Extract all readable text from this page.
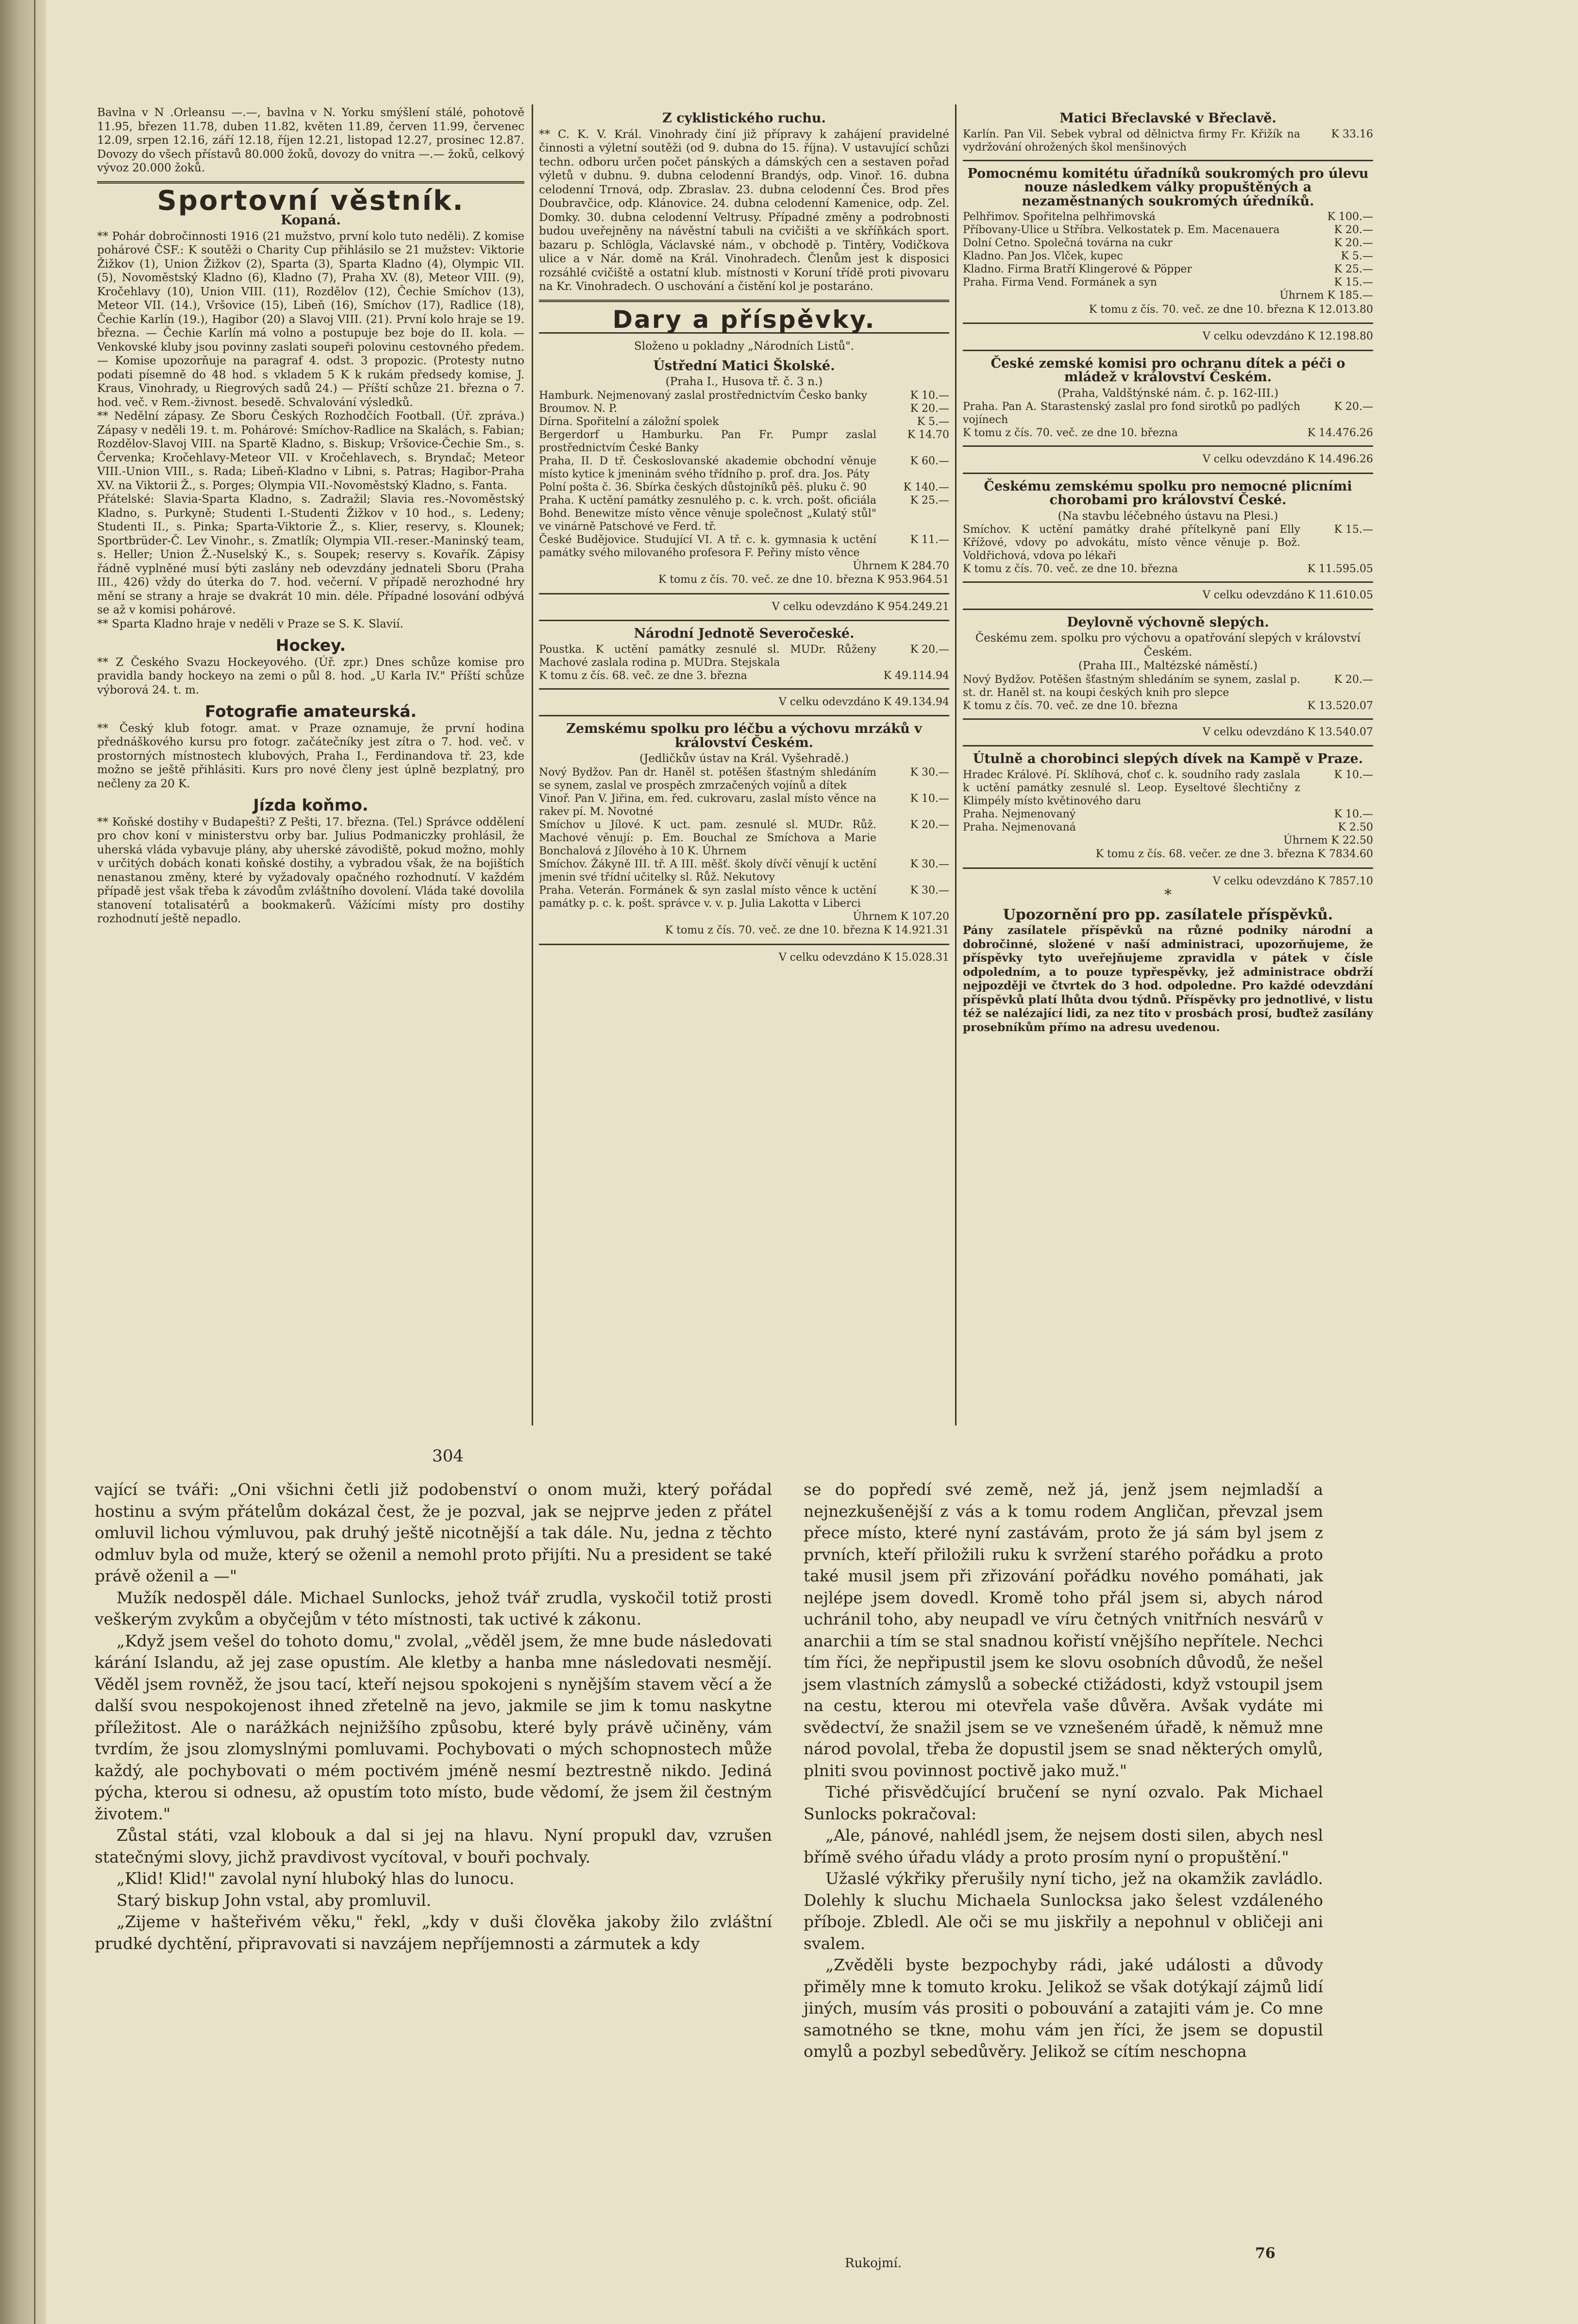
Bavlna v N .Orleansu —.—, bavlna v N. Yorku smýšlení stálé, pohotově 11.95, březen 11.78, duben 11.82, květen 11.89, červen 11.99, červenec 12.09, srpen 12.16, září 12.18, říjen 12.21, listopad 12.27, prosinec 12.87. Dovozy do všech přístavů 80.000 žoků, dovozy do vnitra —.— žoků, celkový vývoz 20.000 žoků.

Sportovní věstník.
Kopaná.

** Pohár dobročinnosti 1916 (21 mužstvo, první kolo tuto neděli). Z komise pohárové ČSF.: K soutěži o Charity Cup přihlásilo se 21 mužstev: Viktorie Žižkov (1), Union Žižkov (2), Sparta (3), Sparta Kladno (4), Olympic VII. (5), Novoměstský Kladno (6), Kladno (7), Praha XV. (8), Meteor VIII. (9), Kročehlavy (10), Union VIII. (11), Rozdělov (12), Čechie Smíchov (13), Meteor VII. (14.), Vršovice (15), Libeň (16), Smíchov (17), Radlice (18), Čechie Karlín (19.), Hagibor (20) a Slavoj VIII. (21). První kolo hraje se 19. března. — Čechie Karlín má volno a postupuje bez boje do II. kola. — Venkovské kluby jsou povinny zaslati soupeři polovinu cestovného předem. — Komise upozorňuje na paragraf 4. odst. 3 propozic. (Protesty nutno podati písemně do 48 hod. s vkladem 5 K k rukám předsedy komise, J. Kraus, Vinohrady, u Riegrových sadů 24.) — Příští schůze 21. března o 7. hod. več. v Rem.-živnost. besedě. Schvalování výsledků.

** Nedělní zápasy. Ze Sboru Českých Rozhodčích Football. (Úř. zpráva.) Zápasy v neděli 19. t. m. Pohárové: Smíchov-Radlice na Skalách, s. Fabian; Rozdělov-Slavoj VIII. na Spartě Kladno, s. Biskup; Vršovice-Čechie Sm., s. Červenka; Kročehlavy-Meteor VII. v Kročehlavech, s. Bryndač; Meteor VIII.-Union VIII., s. Rada; Libeň-Kladno v Libni, s. Patras; Hagibor-Praha XV. na Viktorii Ž., s. Porges; Olympia VII.-Novoměstský Kladno, s. Fanta.

Přátelské: Slavia-Sparta Kladno, s. Zadražil; Slavia res.-Novoměstský Kladno, s. Purkyně; Studenti I.-Studenti Žižkov v 10 hod., s. Ledeny; Studenti II., s. Pinka; Sparta-Viktorie Ž., s. Klier, reservy, s. Klounek; Sportbrüder-Č. Lev Vinohr., s. Zmatlík; Olympia VII.-reser.-Maninský team, s. Heller; Union Ž.-Nuselský K., s. Soupek; reservy s. Kovařík. Zápisy řádně vyplněné musí býti zaslány neb odevzdány jednateli Sboru (Praha III., 426) vždy do úterka do 7. hod. večerní. V případě nerozhodné hry mění se strany a hraje se dvakrát 10 min. déle. Případné losování odbývá se až v komisi pohárové.

** Sparta Kladno hraje v neděli v Praze se S. K. Slavií.

Hockey.

** Z Českého Svazu Hockeyového. (Úř. zpr.) Dnes schůze komise pro pravidla bandy hockeyo na zemi o půl 8. hod. „U Karla IV." Příští schůze výborová 24. t. m.

Fotografie amateurská.

** Český klub fotogr. amat. v Praze oznamuje, že první hodina přednáškového kursu pro fotogr. začátečníky jest zítra o 7. hod. več. v prostorných místnostech klubových, Praha I., Ferdinandova tř. 23, kde možno se ještě přihlásiti. Kurs pro nové členy jest úplně bezplatný, pro nečleny za 20 K.

Jízda koňmo.

** Koňské dostihy v Budapešti? Z Pešti, 17. března. (Tel.) Správce oddělení pro chov koní v ministerstvu orby bar. Julius Podmaniczky prohlásil, že uherská vláda vybavuje plány, aby uherské závodiště, pokud možno, mohly v určitých dobách konati koňské dostihy, a vybradou však, že na bojištích nenastanou změny, které by vyžadovaly opačného rozhodnutí. V každém případě jest však třeba k závodům zvláštního dovolení. Vláda také dovolila stanovení totalisatérů a bookmakerů. Vážícími místy pro dostihy rozhodnutí ještě nepadlo.

Z cyklistického ruchu.

** C. K. V. Král. Vinohrady činí již přípravy k zahájení pravidelné činnosti a výletní soutěži (od 9. dubna do 15. října). V ustavující schůzi techn. odboru určen počet pánských a dámských cen a sestaven pořad výletů v dubnu. 9. dubna celodenní Brandýs, odp. Vinoř. 16. dubna celodenní Trnová, odp. Zbraslav. 23. dubna celodenní Čes. Brod přes Doubravčice, odp. Klánovice. 24. dubna celodenní Kamenice, odp. Zel. Domky. 30. dubna celodenní Veltrusy. Případné změny a podrobnosti budou uveřejněny na návěstní tabuli na cvičišti a ve skříňkách sport. bazaru p. Schlögla, Václavské nám., v obchodě p. Tintěry, Vodičkova ulice a v Nár. domě na Král. Vinohradech. Členům jest k disposici rozsáhlé cvičiště a ostatní klub. místnosti v Koruní třídě proti pivovaru na Kr. Vinohradech. O uschování a čistění kol je postaráno.

Dary a příspěvky.

Složeno u pokladny „Národních Listů".

Ústřední Matici Školské.

(Praha I., Husova tř. č. 3 n.)

Hamburk. Nejmenovaný zaslal prostřednictvím Česko banky	K 10.—
Broumov. N. P.	K 20.—
Dírna. Spořitelní a záložní spolek	K 5.—
Bergerdorf u Hamburku. Pan Fr. Pumpr zaslal prostřednictvím České Banky	K 14.70
Praha, II. D tř. Českoslovanské akademie obchodní věnuje místo kytice k jmeninám svého třídního p. prof. dra. Jos. Páty	K 60.—
Polní pošta č. 36. Sbírka českých důstojníků pěš. pluku č. 90	K 140.—
Praha. K uctění památky zesnulého p. c. k. vrch. pošt. oficiála Bohd. Benewitze místo věnce věnuje společnost „Kulatý stůl" ve vinárně Patschové ve Ferd. tř.	K 25.—
České Budějovice. Studující VI. A tř. c. k. gymnasia k uctění památky svého milovaného profesora F. Peřiny místo věnce	K 11.—

Úhrnem K 284.70

K tomu z čís. 70. več. ze dne 10. března K 953.964.51

V celku odevzdáno K 954.249.21

Národní Jednotě Severočeské.
Poustka. K uctění památky zesnulé sl. MUDr. Růženy Machové zaslala rodina p. MUDra. Stejskala	K 20.—
K tomu z čís. 68. več. ze dne 3. března	K 49.114.94

V celku odevzdáno K 49.134.94

Zemskému spolku pro léčbu a výchovu mrzáků v království Českém.

(Jedličkův ústav na Král. Vyšehradě.)

Nový Bydžov. Pan dr. Haněl st. potěšen šťastným shledáním se synem, zaslal ve prospěch zmrzačených vojínů a dítek	K 30.—
Vinoř. Pan V. Jiřina, em. řed. cukrovaru, zaslal místo věnce na rakev pí. M. Novotné	K 10.—
Smíchov u Jílové. K uct. pam. zesnulé sl. MUDr. Růž. Machové věnují: p. Em. Bouchal ze Smíchova a Marie Bonchalová z Jílového à 10 K. Úhrnem	K 20.—
Smíchov. Žákyně III. tř. A III. měšť. školy dívčí věnují k uctění jmenin své třídní učitelky sl. Růž. Nekutovy	K 30.—
Praha. Veterán. Formánek & syn zaslal místo věnce k uctění památky p. c. k. pošt. správce v. v. p. Julia Lakotta v Liberci	K 30.—

Úhrnem K 107.20

K tomu z čís. 70. več. ze dne 10. března K 14.921.31

V celku odevzdáno K 15.028.31

Matici Břeclavské v Břeclavě.
Karlín. Pan Vil. Sebek vybral od dělnictva firmy Fr. Křižík na vydržování ohrožených škol menšinových	K 33.16
Pomocnému komitétu úřadníků soukromých pro úlevu nouze následkem války propuštěných a nezaměstnaných soukromých úředníků.
Pelhřimov. Spořitelna pelhřimovská	K 100.—
Příbovany-Ulice u Stříbra. Velkostatek p. Em. Macenauera	K 20.—
Dolní Cetno. Společná továrna na cukr	K 20.—
Kladno. Pan Jos. Vlček, kupec	K 5.—
Kladno. Firma Bratří Klingerové & Pöpper	K 25.—
Praha. Firma Vend. Formánek a syn	K 15.—

Úhrnem K 185.—

K tomu z čís. 70. več. ze dne 10. března K 12.013.80

V celku odevzdáno K 12.198.80

České zemské komisi pro ochranu dítek a péči o mládež v království Českém.

(Praha, Valdštýnské nám. č. p. 162-III.)

Praha. Pan A. Starastenský zaslal pro fond sirotků po padlých vojínech	K 20.—
K tomu z čís. 70. več. ze dne 10. března	K 14.476.26

V celku odevzdáno K 14.496.26

Českému zemskému spolku pro nemocné plicními chorobami pro království České.

(Na stavbu léčebného ústavu na Plesi.)

Smíchov. K uctění památky drahé přítelkyně paní Elly Křížové, vdovy po advokátu, místo věnce věnuje p. Bož. Voldřichová, vdova po lékaři	K 15.—
K tomu z čís. 70. več. ze dne 10. března	K 11.595.05

V celku odevzdáno K 11.610.05

Deylovně výchovně slepých.

Českému zem. spolku pro výchovu a opatřování slepých v království Českém.

(Praha III., Maltézské náměstí.)

Nový Bydžov. Potěšen šťastným shledáním se synem, zaslal p. st. dr. Haněl st. na koupi českých knih pro slepce	K 20.—
K tomu z čís. 70. več. ze dne 10. března	K 13.520.07

V celku odevzdáno K 13.540.07

Útulně a chorobinci slepých dívek na Kampě v Praze.
Hradec Králové. Pí. Sklíhová, choť c. k. soudního rady zaslala k uctění památky zesnulé sl. Leop. Eyseltové šlechtičny z Klimpély místo květinového daru	K 10.—
Praha. Nejmenovaný	K 10.—
Praha. Nejmenovaná	K 2.50

Úhrnem K 22.50

K tomu z čís. 68. večer. ze dne 3. března K 7834.60

V celku odevzdáno K 7857.10

*

Upozornění pro pp. zasílatele příspěvků.

Pány zasílatele příspěvků na různé podniky národní a dobročinné, složené v naší administraci, upozorňujeme, že příspěvky tyto uveřejňujeme zpravidla v pátek v čísle odpoledním, a to pouze typřespěvky, jež administrace obdrží nejpozději ve čtvrtek do 3 hod. odpoledne. Pro každé odevzdání příspěvků platí lhůta dvou týdnů. Příspěvky pro jednotlivé, v listu též se nalézající lidi, za nez tito v prosbách prosí, buďtež zasílány prosebníkům přímo na adresu uvedenou.

304

vající se tváři: „Oni všichni četli již podobenství o onom muži, který pořádal hostinu a svým přátelům dokázal čest, že je pozval, jak se nejprve jeden z přátel omluvil lichou výmluvou, pak druhý ještě nicotnější a tak dále. Nu, jedna z těchto odmluv byla od muže, který se oženil a nemohl proto přijíti. Nu a president se také právě oženil a —"

Mužík nedospěl dále. Michael Sunlocks, jehož tvář zrudla, vyskočil totiž prosti veškerým zvykům a obyčejům v této místnosti, tak uctivé k zákonu.

„Když jsem vešel do tohoto domu," zvolal, „věděl jsem, že mne bude následovati kárání Islandu, až jej zase opustím. Ale kletby a hanba mne následovati nesmějí. Věděl jsem rovněž, že jsou tací, kteří nejsou spokojeni s nynějším stavem věcí a že další svou nespokojenost ihned zřetelně na jevo, jakmile se jim k tomu naskytne příležitost. Ale o narážkách nejnižšího způsobu, které byly právě učiněny, vám tvrdím, že jsou zlomyslnými pomluvami. Pochybovati o mých schopnostech může každý, ale pochybovati o mém poctivém jméně nesmí beztrestně nikdo. Jediná pýcha, kterou si odnesu, až opustím toto místo, bude vědomí, že jsem žil čestným životem."

Zůstal státi, vzal klobouk a dal si jej na hlavu. Nyní propukl dav, vzrušen statečnými slovy, jichž pravdivost vycítoval, v bouři pochvaly.

„Klid! Klid!" zavolal nyní hluboký hlas do lunocu.

Starý biskup John vstal, aby promluvil.

„Zijeme v hašteřivém věku," řekl, „kdy v duši člověka jakoby žilo zvláštní prudké dychtění, připravovati si navzájem nepříjemnosti a zármutek a kdy

se do popředí své země, než já, jenž jsem nejmladší a nejnezkušenější z vás a k tomu rodem Angličan, převzal jsem přece místo, které nyní zastávám, proto že já sám byl jsem z prvních, kteří přiložili ruku k svržení starého pořádku a proto také musil jsem při zřizování pořádku nového pomáhati, jak nejlépe jsem dovedl. Kromě toho přál jsem si, abych národ uchránil toho, aby neupadl ve víru četných vnitřních nesvárů v anarchii a tím se stal snadnou kořistí vnějšího nepřítele. Nechci tím říci, že nepřipustil jsem ke slovu osobních důvodů, že nešel jsem vlastních zámyslů a sobecké ctižádosti, když vstoupil jsem na cestu, kterou mi otevřela vaše důvěra. Avšak vydáte mi svědectví, že snažil jsem se ve vznešeném úřadě, k němuž mne národ povolal, třeba že dopustil jsem se snad některých omylů, plniti svou povinnost poctivě jako muž."

Tiché přisvědčující bručení se nyní ozvalo. Pak Michael Sunlocks pokračoval:

„Ale, pánové, nahlédl jsem, že nejsem dosti silen, abych nesl břímě svého úřadu vlády a proto prosím nyní o propuštění."

Užaslé výkřiky přerušily nyní ticho, jež na okamžik zavládlo. Dolehly k sluchu Michaela Sunlocksa jako šelest vzdáleného příboje. Zbledl. Ale oči se mu jiskřily a nepohnul v obličeji ani svalem.

„Zvěděli byste bezpochyby rádi, jaké události a důvody přiměly mne k tomuto kroku. Jelikož se však dotýkají zájmů lidí jiných, musím vás prositi o pobouvání a zatajiti vám je. Co mne samotného se tkne, mohu vám jen říci, že jsem se dopustil omylů a pozbyl sebedůvěry. Jelikož se cítím neschopna

Rukojmí.
76
